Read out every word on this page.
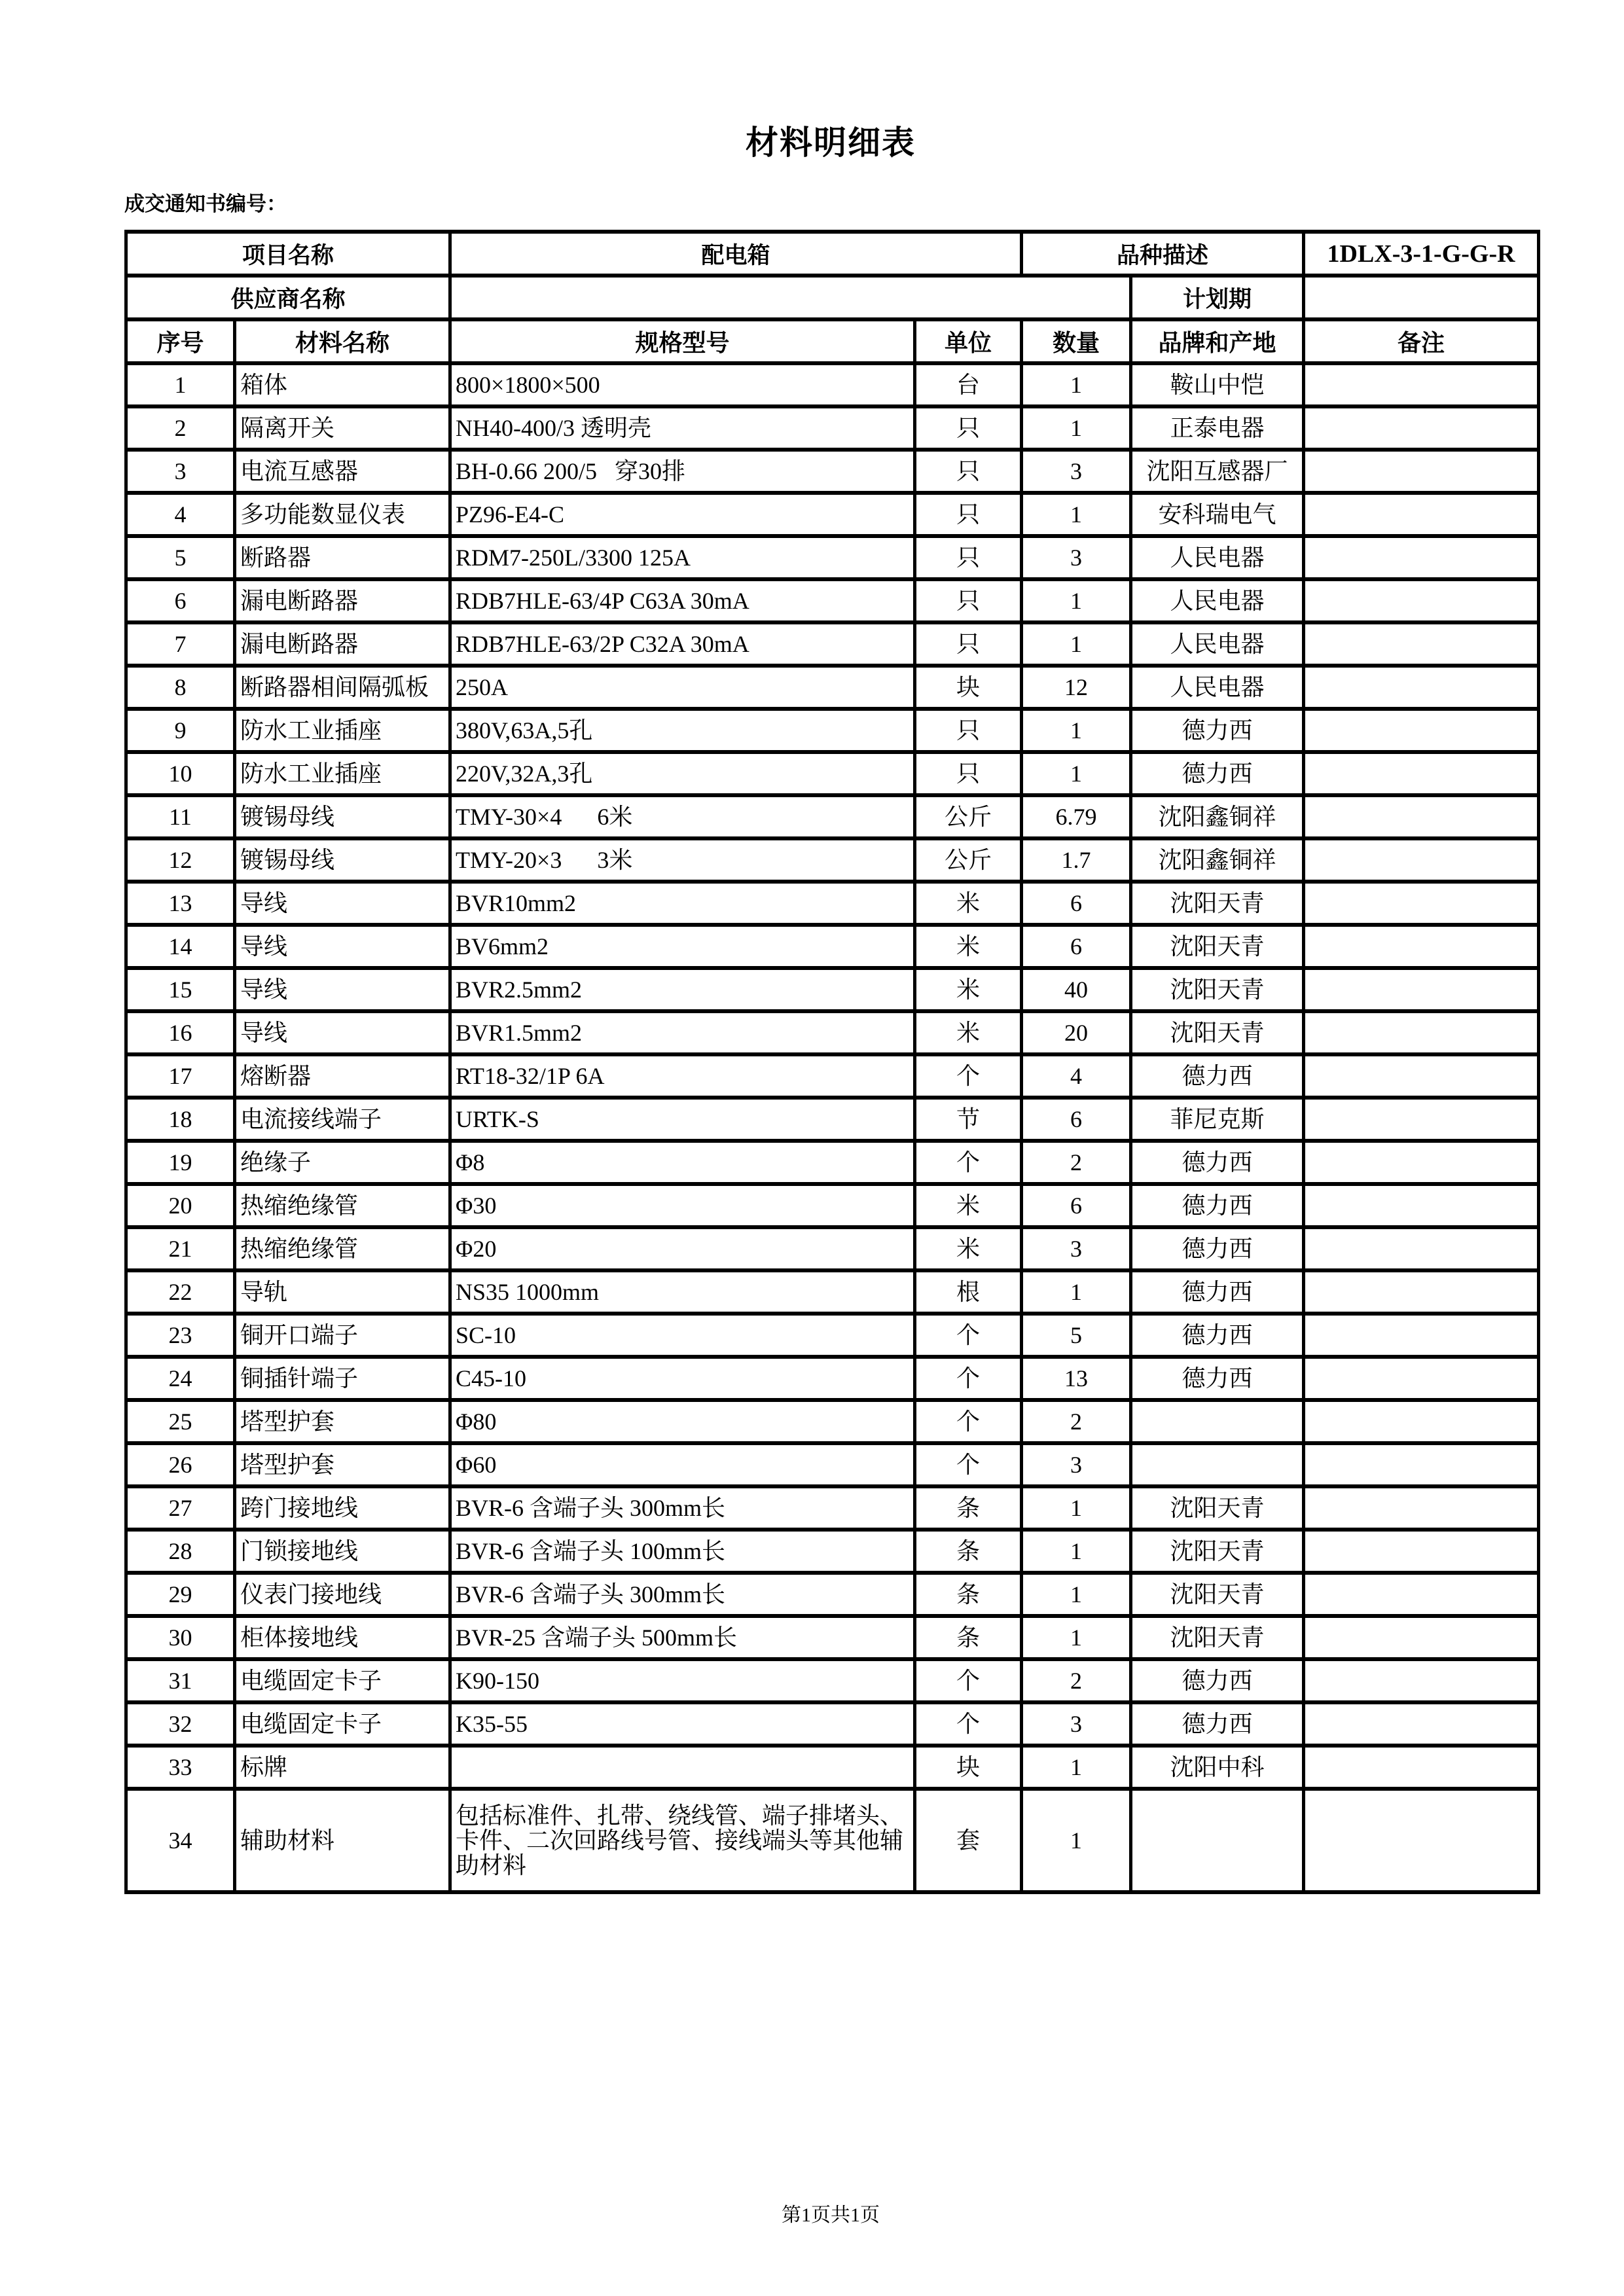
材料明细表
成交通知书编号：
项目名称		配电箱		品种描述		1DLX-3-1-G-G-R
供应商名称					计划期	
序号	材料名称	规格型号	单位	数量	品牌和产地	备注
1	箱体	800×1800×500	台	1	鞍山中恺	
2	隔离开关	NH40-400/3 透明壳	只	1	正泰电器	
3	电流互感器	BH-0.66 200/5   穿30排	只	3	沈阳互感器厂	
4	多功能数显仪表	PZ96-E4-C	只	1	安科瑞电气	
5	断路器	RDM7-250L/3300 125A	只	3	人民电器	
6	漏电断路器	RDB7HLE-63/4P C63A 30mA	只	1	人民电器	
7	漏电断路器	RDB7HLE-63/2P C32A 30mA	只	1	人民电器	
8	断路器相间隔弧板	250A	块	12	人民电器	
9	防水工业插座	380V,63A,5孔	只	1	德力西	
10	防水工业插座	220V,32A,3孔	只	1	德力西	
11	镀锡母线	TMY-30×4      6米	公斤	6.79	沈阳鑫铜祥	
12	镀锡母线	TMY-20×3      3米	公斤	1.7	沈阳鑫铜祥	
13	导线	BVR10mm2	米	6	沈阳天青	
14	导线	BV6mm2	米	6	沈阳天青	
15	导线	BVR2.5mm2	米	40	沈阳天青	
16	导线	BVR1.5mm2	米	20	沈阳天青	
17	熔断器	RT18-32/1P 6A	个	4	德力西	
18	电流接线端子	URTK-S	节	6	菲尼克斯	
19	绝缘子	Φ8	个	2	德力西	
20	热缩绝缘管	Φ30	米	6	德力西	
21	热缩绝缘管	Φ20	米	3	德力西	
22	导轨	NS35 1000mm	根	1	德力西	
23	铜开口端子	SC-10	个	5	德力西	
24	铜插针端子	C45-10	个	13	德力西	
25	塔型护套	Φ80	个	2		
26	塔型护套	Φ60	个	3		
27	跨门接地线	BVR-6 含端子头 300mm长	条	1	沈阳天青	
28	门锁接地线	BVR-6 含端子头 100mm长	条	1	沈阳天青	
29	仪表门接地线	BVR-6 含端子头 300mm长	条	1	沈阳天青	
30	柜体接地线	BVR-25 含端子头 500mm长	条	1	沈阳天青	
31	电缆固定卡子	K90-150	个	2	德力西	
32	电缆固定卡子	K35-55	个	3	德力西	
33	标牌		块	1	沈阳中科	
34	辅助材料	包括标准件、扎带、绕线管、端子排堵头、卡件、二次回路线号管、接线端头等其他辅助材料	套	1		
第1页共1页
